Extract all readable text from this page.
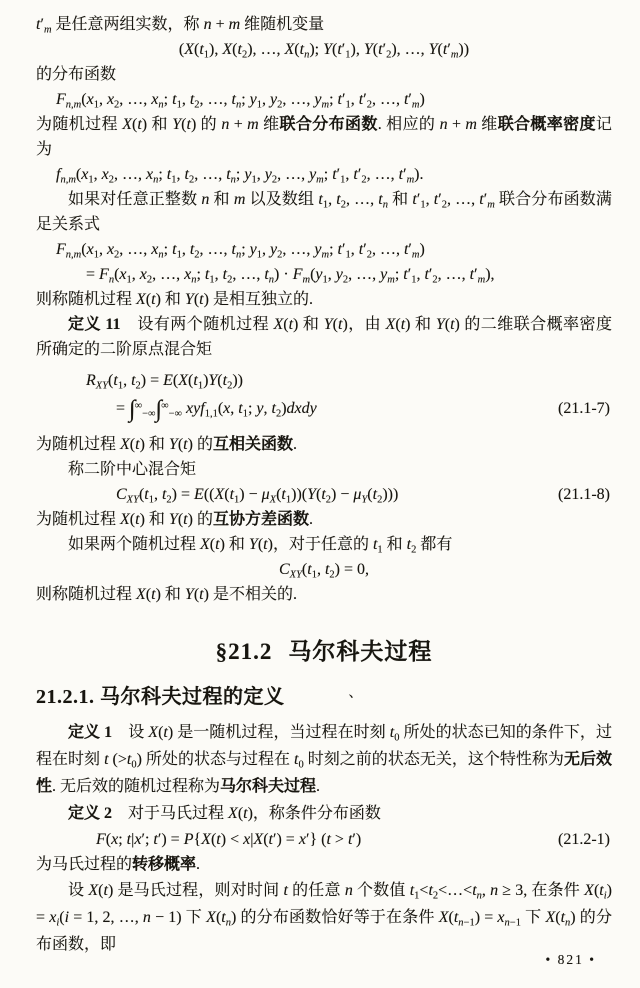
$t'_m$ 是任意两组实数，称 n + m 维随机变量
($X(t_1)$, $X(t_2)$, …, $X(t_n)$; $Y(t'_1)$, $Y(t'_2)$, …, $Y(t'_m)$)
的分布函数
$F_{n,m}(x_1$, $x_2$, …, $x_n$; $t_1$, $t_2$, …, $t_n$; $y_1$, $y_2$, …, $y_m$; $t'_1$, $t'_2$, …, $t'_m$)
为随机过程 X(t) 和 Y(t) 的 n + m 维联合分布函数. 相应的 n + m 维联合概率密度记为
$f_{n,m}(x_1$, $x_2$, …, $x_n$; $t_1$, $t_2$, …, $t_n$; $y_1$, $y_2$, …, $y_m$; $t'_1$, $t'_2$, …, $t'_m$).
如果对任意正整数 n 和 m 以及数组 $t_1$, $t_2$, …, $t_n$ 和 $t'_1$, $t'_2$, …, $t'_m$ 联合分布函数满足关系式
$F_{n,m}(x_1$, $x_2$, …, $x_n$; $t_1$, $t_2$, …, $t_n$; $y_1$, $y_2$, …, $y_m$; $t'_1$, $t'_2$, …, $t'_m$)
= $F_n(x_1$, $x_2$, …, $x_n$; $t_1$, $t_2$, …, $t_n) \cdot F_m(y_1$, $y_2$, …, $y_m$; $t'_1$, $t'_2$, …, $t'_m$),
则称随机过程 X(t) 和 Y(t) 是相互独立的.
定义 11　设有两个随机过程 X(t) 和 Y(t)，由 X(t) 和 Y(t) 的二维联合概率密度所确定的二阶原点混合矩
$R_{XY}(t_1$, $t_2) = E(X(t_1)Y(t_2))$
= $\int^\infty_{-\infty}\int^\infty_{-\infty}$ xyf$_{1,1}$(x, $t_1$; y, $t_2)dxdy$	(21.1-7)
为随机过程 X(t) 和 Y(t) 的互相关函数.
称二阶中心混合矩
$C_{XY}(t_1$, $t_2) = E((X(t_1) - \mu_X(t_1))(Y(t_2) - \mu_Y(t_2)))$	(21.1-8)
为随机过程 X(t) 和 Y(t) 的互协方差函数.
如果两个随机过程 X(t) 和 Y(t)，对于任意的 $t_1$ 和 $t_2$ 都有
$C_{XY}(t_1$, $t_2) = 0$,
则称随机过程 X(t) 和 Y(t) 是不相关的.
§21.2 马尔科夫过程
21.2.1. 马尔科夫过程的定义	、
定义 1　设 X(t) 是一随机过程，当过程在时刻 $t_0$ 所处的状态已知的条件下，过程在时刻 t $(>t_0)$ 所处的状态与过程在 $t_0$ 时刻之前的状态无关，这个特性称为无后效性. 无后效的随机过程称为马尔科夫过程.
定义 2　对于马氏过程 X(t)，称条件分布函数
F(x; t|x′; t′) = P{X(t) < x|X(t′) = x′} (t > t′)	(21.2-1)
为马氏过程的转移概率.
设 X(t) 是马氏过程，则对时间 t 的任意 n 个数值 $t_1<t_2<\dots<t_n$, n ≥ 3, 在条件 $X(t_i) = x_i(i = 1$, 2, …, n − 1) 下 $X(t_n)$ 的分布函数恰好等于在条件 $X(t_{n-1}) = x_{n-1}$ 下 $X(t_n)$ 的分布函数，即
• 821 •
